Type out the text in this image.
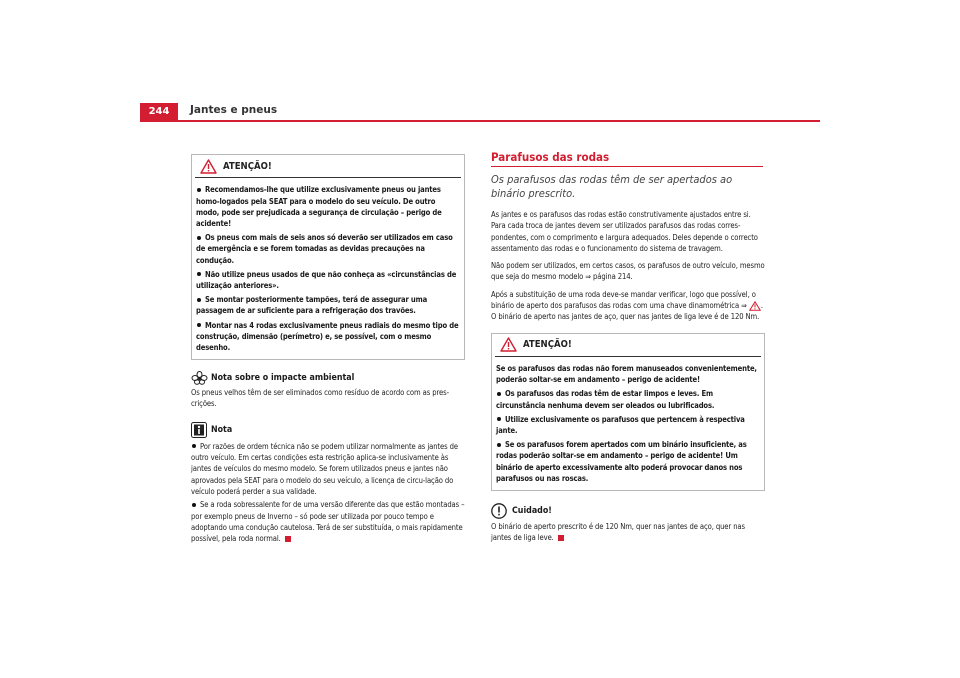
244	Jantes e pneus
ATENÇÃO!
Recomendamos-lhe que utilize exclusivamente pneus ou jantes homo-logados pela SEAT para o modelo do seu veículo. De outro modo, pode ser prejudicada a segurança de circulação – perigo de acidente!
Os pneus com mais de seis anos só deverão ser utilizados em caso de emergência e se forem tomadas as devidas precauções na condução.
Não utilize pneus usados de que não conheça as «circunstâncias de utilização anteriores».
Se montar posteriormente tampões, terá de assegurar uma passagem de ar suficiente para a refrigeração dos travões.
Montar nas 4 rodas exclusivamente pneus radiais do mesmo tipo de construção, dimensão (perímetro) e, se possível, com o mesmo desenho.
Nota sobre o impacte ambiental
Os pneus velhos têm de ser eliminados como resíduo de acordo com as pres-crições.
Nota
Por razões de ordem técnica não se podem utilizar normalmente as jantes de outro veículo. Em certas condições esta restrição aplica-se inclusivamente às jantes de veículos do mesmo modelo. Se forem utilizados pneus e jantes não aprovados pela SEAT para o modelo do seu veículo, a licença de circu-lação do veículo poderá perder a sua validade.
Se a roda sobressalente for de uma versão diferente das que estão montadas – por exemplo pneus de Inverno – só pode ser utilizada por pouco tempo e adoptando uma condução cautelosa. Terá de ser substituída, o mais rapidamente possível, pela roda normal.
Parafusos das rodas
Os parafusos das rodas têm de ser apertados ao binário prescrito.
As jantes e os parafusos das rodas estão construtivamente ajustados entre si. Para cada troca de jantes devem ser utilizados parafusos das rodas corres-pondentes, com o comprimento e largura adequados. Deles depende o correcto assentamento das rodas e o funcionamento do sistema de travagem.
Não podem ser utilizados, em certos casos, os parafusos de outro veículo, mesmo que seja do mesmo modelo ⇒ página 214.
Após a substituição de uma roda deve-se mandar verificar, logo que possível, o binário de aperto dos parafusos das rodas com uma chave dinamométrica ⇒ . O binário de aperto nas jantes de aço, quer nas jantes de liga leve é de 120 Nm.
ATENÇÃO!
Se os parafusos das rodas não forem manuseados convenientemente, poderão soltar-se em andamento – perigo de acidente!
Os parafusos das rodas têm de estar limpos e leves. Em circunstância nenhuma devem ser oleados ou lubrificados.
Utilize exclusivamente os parafusos que pertencem à respectiva jante.
Se os parafusos forem apertados com um binário insuficiente, as rodas poderão soltar-se em andamento – perigo de acidente! Um binário de aperto excessivamente alto poderá provocar danos nos parafusos ou nas roscas.
Cuidado!
O binário de aperto prescrito é de 120 Nm, quer nas jantes de aço, quer nas jantes de liga leve.
